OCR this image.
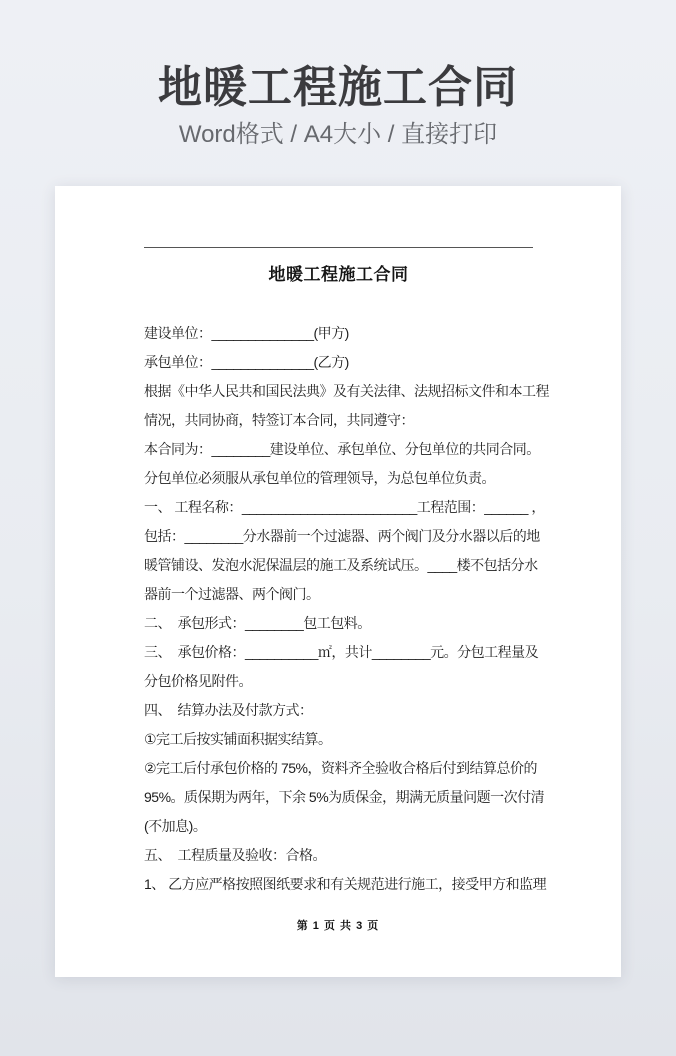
地暖工程施工合同
Word格式 / A4大小 / 直接打印
地暖工程施工合同
建设单位：______________(甲方)
承包单位：______________(乙方)
根据《中华人民共和国民法典》及有关法律、法规招标文件和本工程
情况，共同协商，特签订本合同，共同遵守：
本合同为：________建设单位、承包单位、分包单位的共同合同。
分包单位必须服从承包单位的管理领导，为总包单位负责。
一、 工程名称：________________________工程范围：______ ，
包括：________分水器前一个过滤器、两个阀门及分水器以后的地
暖管铺设、发泡水泥保温层的施工及系统试压。____楼不包括分水
器前一个过滤器、两个阀门。
二、　承包形式：________包工包料。
三、　承包价格：__________㎡，共计________元。分包工程量及
分包价格见附件。
四、　结算办法及付款方式：
①完工后按实铺面积据实结算。
②完工后付承包价格的 75%，资料齐全验收合格后付到结算总价的
95%。质保期为两年，下余 5%为质保金，期满无质量问题一次付清
(不加息)。
五、　工程质量及验收：合格。
1、 乙方应严格按照图纸要求和有关规范进行施工，接受甲方和监理
第 1 页 共 3 页
